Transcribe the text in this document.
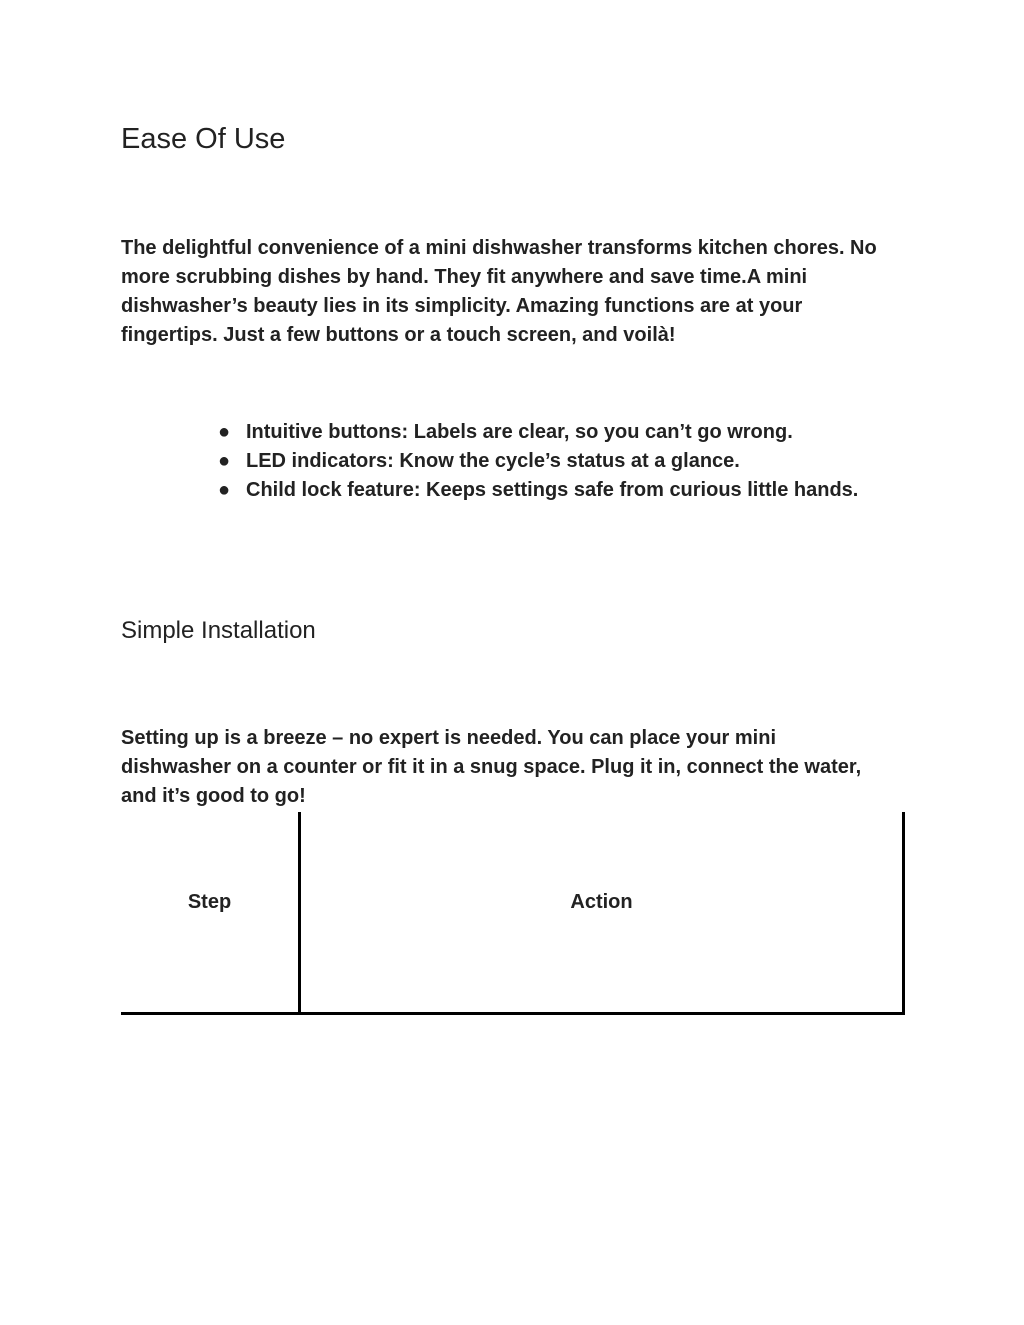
Ease Of Use

The delightful convenience of a mini dishwasher transforms kitchen chores. No more scrubbing dishes by hand. They fit anywhere and save time.A mini dishwasher’s beauty lies in its simplicity. Amazing functions are at your fingertips. Just a few buttons or a touch screen, and voilà!

● Intuitive buttons: Labels are clear, so you can’t go wrong.
● LED indicators: Know the cycle’s status at a glance.
● Child lock feature: Keeps settings safe from curious little hands.
Simple Installation

Setting up is a breeze – no expert is needed. You can place your mini dishwasher on a counter or fit it in a snug space. Plug it in, connect the water, and it’s good to go!

Step	Action
